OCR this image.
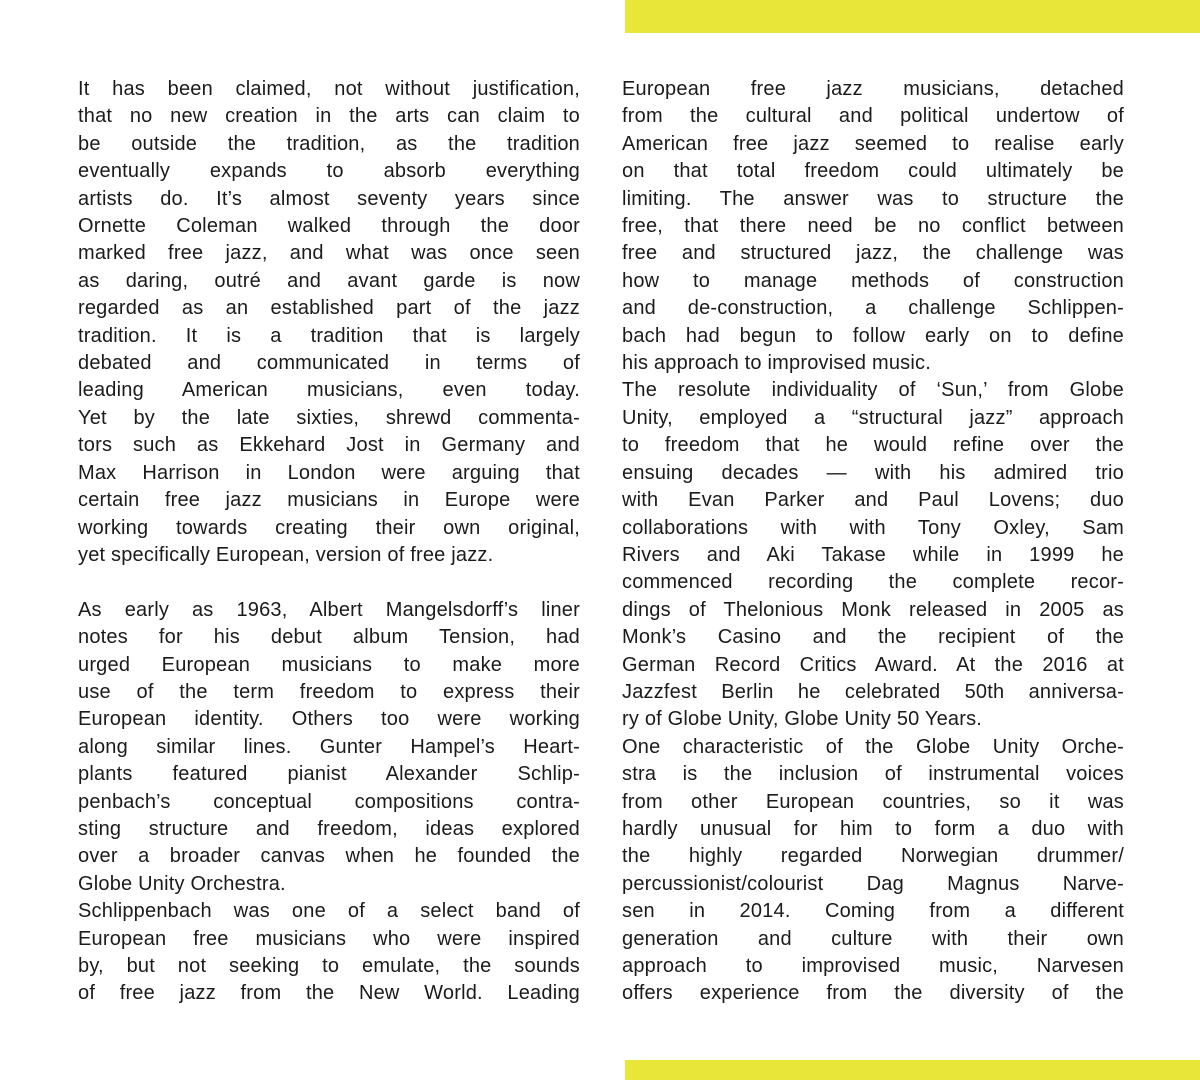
It has been claimed, not without justification,

that no new creation in the arts can claim to

be outside the tradition, as the tradition

eventually expands to absorb everything

artists do. It’s almost seventy years since

Ornette Coleman walked through the door

marked free jazz, and what was once seen

as daring, outré and avant garde is now

regarded as an established part of the jazz

tradition. It is a tradition that is largely

debated and communicated in terms of

leading American musicians, even today.

Yet by the late sixties, shrewd commenta-

tors such as Ekkehard Jost in Germany and

Max Harrison in London were arguing that

certain free jazz musicians in Europe were

working towards creating their own original,

yet specifically European, version of free jazz.

As early as 1963, Albert Mangelsdorff’s liner

notes for his debut album Tension, had

urged European musicians to make more

use of the term freedom to express their

European identity. Others too were working

along similar lines. Gunter Hampel’s Heart-

plants featured pianist Alexander Schlip-

penbach’s conceptual compositions contra-

sting structure and freedom, ideas explored

over a broader canvas when he founded the

Globe Unity Orchestra.

Schlippenbach was one of a select band of

European free musicians who were inspired

by, but not seeking to emulate, the sounds

of free jazz from the New World. Leading

European free jazz musicians, detached

from the cultural and political undertow of

American free jazz seemed to realise early

on that total freedom could ultimately be

limiting. The answer was to structure the

free, that there need be no conflict between

free and structured jazz, the challenge was

how to manage methods of construction

and de-construction, a challenge Schlippen-

bach had begun to follow early on to define

his approach to improvised music.

The resolute individuality of ‘Sun,’ from Globe

Unity, employed a “structural jazz” approach

to freedom that he would refine over the

ensuing decades — with his admired trio

with Evan Parker and Paul Lovens; duo

collaborations with with Tony Oxley, Sam

Rivers and Aki Takase while in 1999 he

commenced recording the complete recor-

dings of Thelonious Monk released in 2005 as

Monk’s Casino and the recipient of the

German Record Critics Award. At the 2016 at

Jazzfest Berlin he celebrated 50th anniversa-

ry of Globe Unity, Globe Unity 50 Years.

One characteristic of the Globe Unity Orche-

stra is the inclusion of instrumental voices

from other European countries, so it was

hardly unusual for him to form a duo with

the highly regarded Norwegian drummer/

percussionist/colourist Dag Magnus Narve-

sen in 2014. Coming from a different

generation and culture with their own

approach to improvised music, Narvesen

offers experience from the diversity of the
